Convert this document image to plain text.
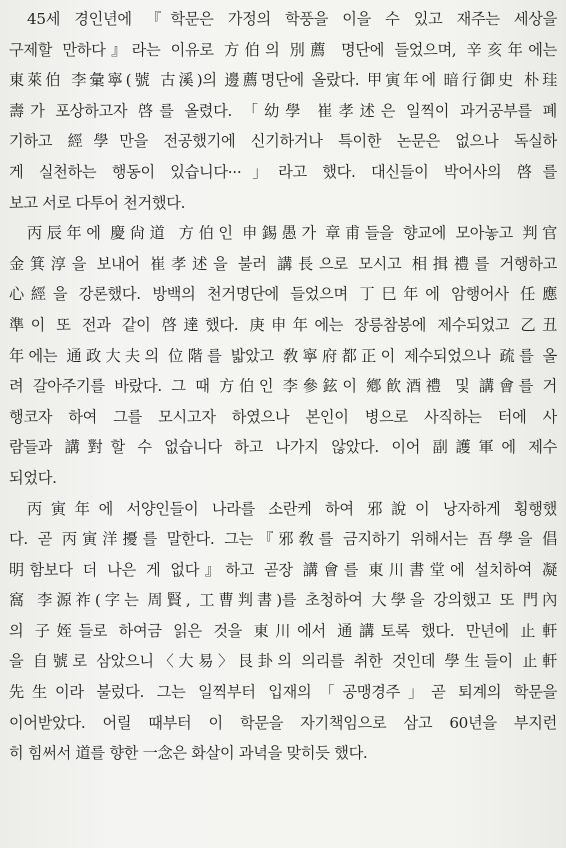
45세 경인년에 『학문은 가정의 학풍을 이을 수 있고 재주는 세상을
구제할 만하다』라는 이유로 方伯의 別薦 명단에 들었으며, 辛亥年에는
東萊伯 李彙寧(號 古溪)의 邊薦명단에 올랐다. 甲寅年에 暗行御史 朴珪
壽가 포상하고자 啓를 올렸다. 「幼學 崔孝述은 일찍이 과거공부를 폐
기하고 經學만을 전공했기에 신기하거나 특이한 논문은 없으나 독실하
게 실천하는 행동이 있습니다···」라고 했다. 대신들이 박어사의 啓를
보고 서로 다투어 천거했다.
丙辰年에 慶尙道 方伯인 申錫愚가 章甫들을 향교에 모아놓고 判官
金箕淳을 보내어 崔孝述을 불러 講長으로 모시고 相揖禮를 거행하고
心經을 강론했다. 방백의 천거명단에 들었으며 丁巳年에 암행어사 任應
準이 또 전과 같이 啓達했다. 庚申年에는 장릉참봉에 제수되었고 乙丑
年에는 通政大夫의 位階를 밟았고 敎寧府都正이 제수되었으나 疏를 올
려 갈아주기를 바랐다. 그 때 方伯인 李參鉉이 鄕飮酒禮 및 講會를 거
행코자 하여 그를 모시고자 하였으나 본인이 병으로 사직하는 터에 사
람들과 講對할 수 없습니다 하고 나가지 않았다. 이어 副護軍에 제수
되었다.
丙寅年에 서양인들이 나라를 소란케 하여 邪說이 낭자하게 횡행했
다. 곧 丙寅洋擾를 말한다. 그는『邪敎를 금지하기 위해서는 吾學을 倡
明함보다 더 나은 게 없다』하고 곧장 講會를 東川書堂에 설치하여 凝
窩 李源祚(字는 周賢, 工曹判書)를 초청하여 大學을 강의했고 또 門內
의 子姪들로 하여금 읽은 것을 東川에서 通講토록 했다. 만년에 止軒
을 自號로 삼았으니〈大易〉艮卦의 의리를 취한 것인데 學生들이 止軒
先生이라 불렀다. 그는 일찍부터 입재의「공맹경주」곧 퇴계의 학문을
이어받았다. 어릴 때부터 이 학문을 자기책임으로 삼고 60년을 부지런
히 힘써서 道를 향한 一念은 화살이 과녁을 맞히듯 했다.
